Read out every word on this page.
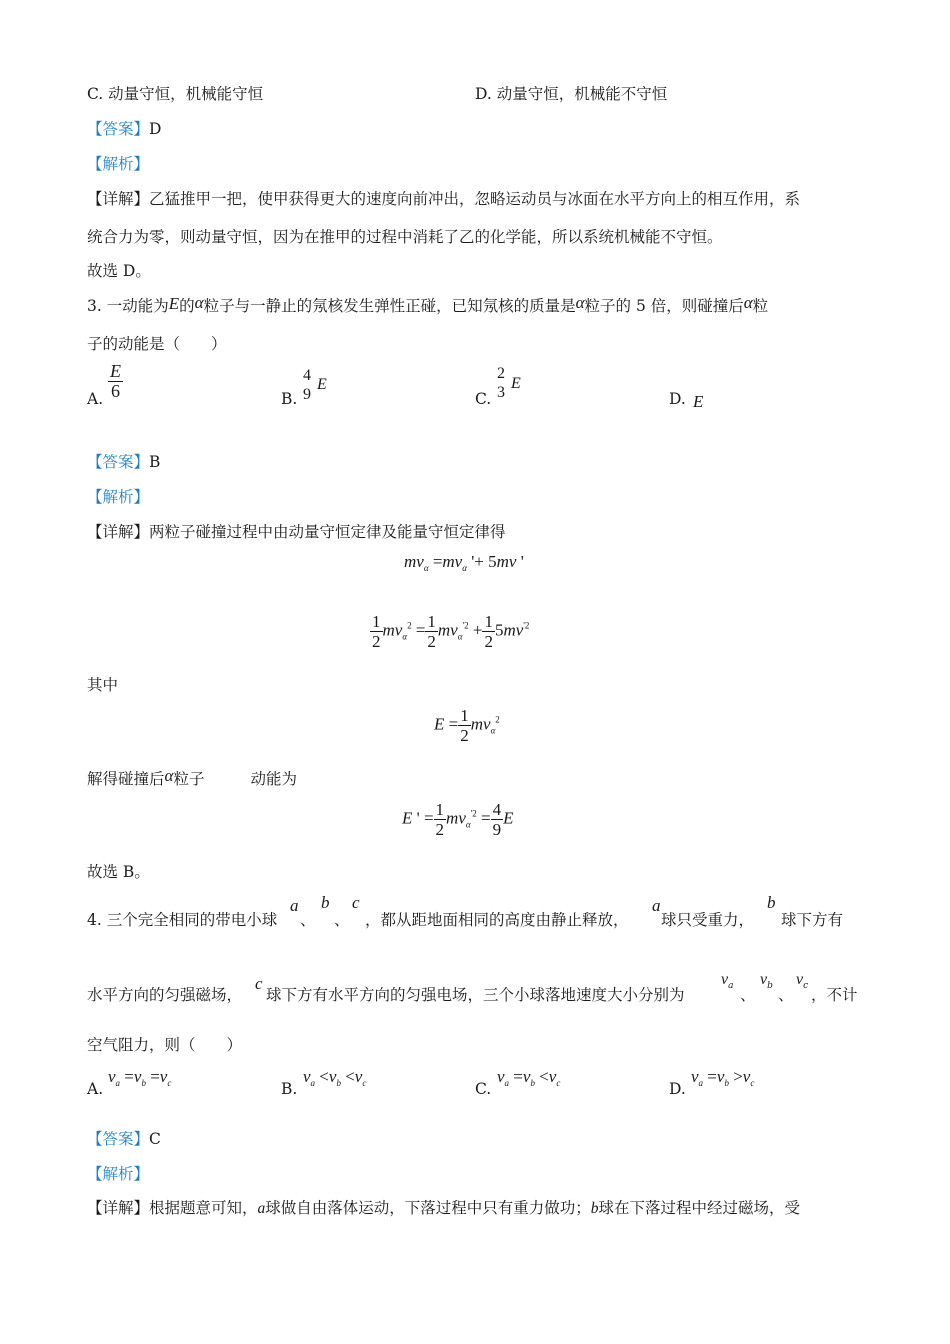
C. 动量守恒，机械能守恒	D. 动量守恒，机械能不守恒
【答案】D
【解析】
【详解】乙猛推甲一把，使甲获得更大的速度向前冲出，忽略运动员与冰面在水平方向上的相互作用，系
统合力为零，则动量守恒，因为在推甲的过程中消耗了乙的化学能，所以系统机械能不守恒。
故选 D。
3. 一动能为E的α粒子与一静止的氖核发生弹性正碰，已知氖核的质量是α粒子的 5 倍，则碰撞后α粒
子的动能是（　　）
A. $\frac{E}{6}$	B.
4
9
E
C.
2
3
E
D. E
【答案】B
【解析】
【详解】两粒子碰撞过程中由动量守恒定律及能量守恒定律得
$mv_\alpha =mv_\alpha$ '+ 5mv '
$\frac{1}{2} mv_\alpha^2 = \frac{1}{2} mv_\alpha^{'2} + \frac{1}{2} 5mv^{'2}$
其中
$E = \frac{1}{2} mv_\alpha^2$
解得碰撞后α粒子	动能为
E ' = $\frac{1}{2} mv_\alpha^{'2} = \frac{4}{9}$ E
故选 B。
4. 三个完全相同的带电小球
a
、
b
、
c
，都从距地面相同的高度由静止释放，
a
球只受重力，
b
球下方有
水平方向的匀强磁场，
c
球下方有水平方向的匀强电场，三个小球落地速度大小分别为
$v_a$ 、
$v_b$ 、
$v_c$ ，不计
空气阻力，则（　　）
A.
$v_a =v_b =v_c$	B.
$v_a <v_b <v_c$	C.
$v_a =v_b <v_c$	D.
$v_a =v_b >v_c$
【答案】C
【解析】
【详解】根据题意可知，a球做自由落体运动，下落过程中只有重力做功；b球在下落过程中经过磁场，受
